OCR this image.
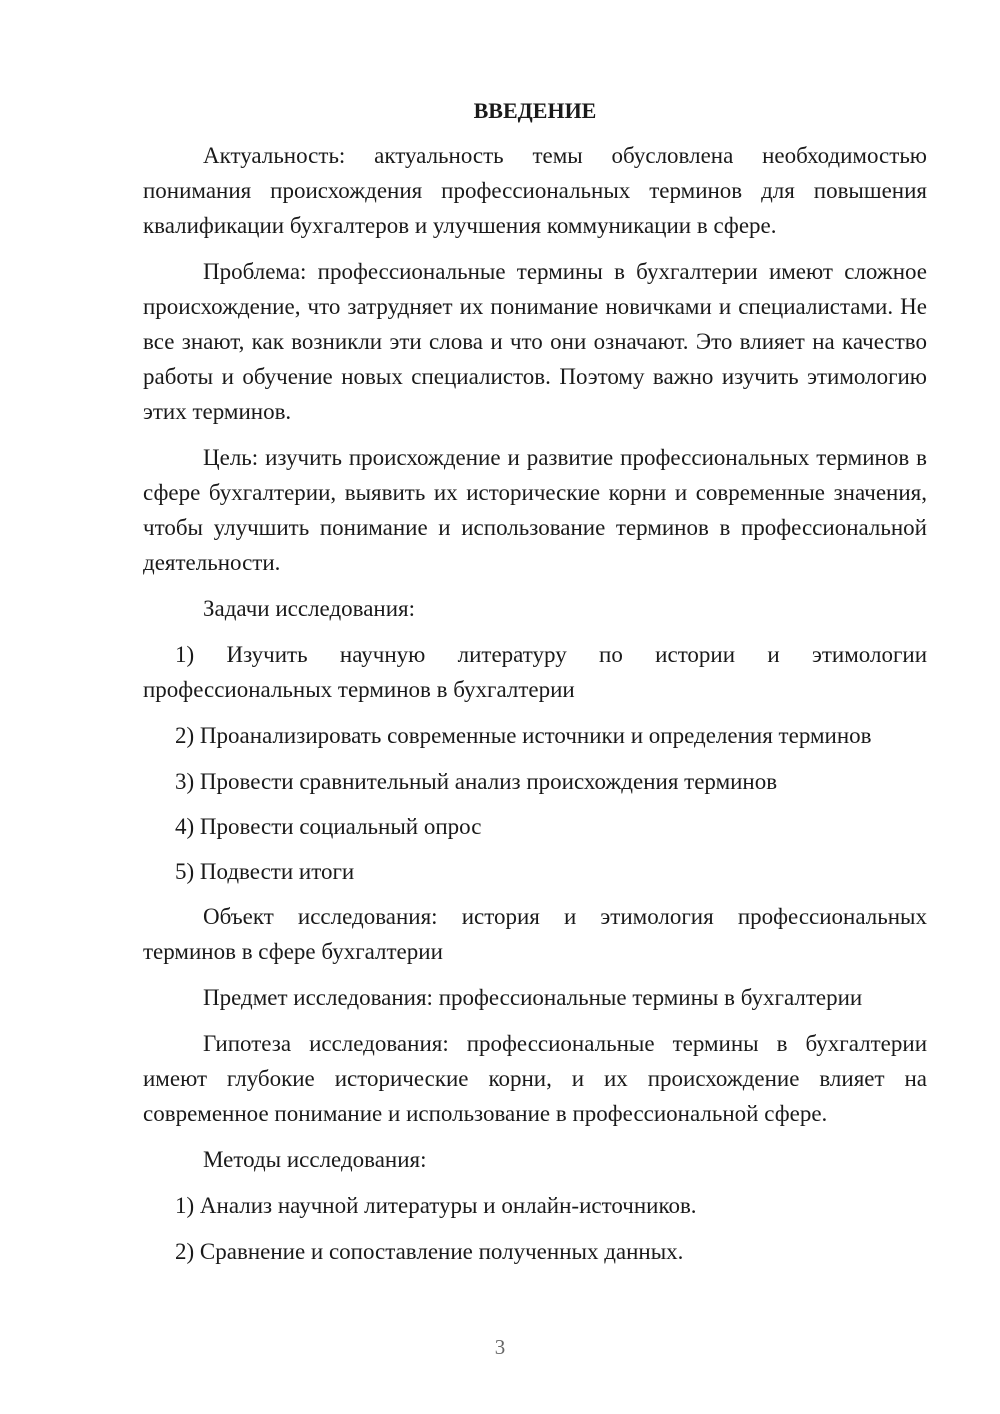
ВВЕДЕНИЕ

Актуальность: актуальность темы обусловлена необходимостью понимания происхождения профессиональных терминов для повышения квалификации бухгалтеров и улучшения коммуникации в сфере.

Проблема: профессиональные термины в бухгалтерии имеют сложное происхождение, что затрудняет их понимание новичками и специалистами. Не все знают, как возникли эти слова и что они означают. Это влияет на качество работы и обучение новых специалистов. Поэтому важно изучить этимологию этих терминов.

Цель: изучить происхождение и развитие профессиональных терминов в сфере бухгалтерии, выявить их исторические корни и современные значения, чтобы улучшить понимание и использование терминов в профессиональной деятельности.

Задачи исследования:

1) Изучить научную литературу по истории и этимологии профессиональных терминов в бухгалтерии

2) Проанализировать современные источники и определения терминов

3) Провести сравнительный анализ происхождения терминов

4) Провести социальный опрос

5) Подвести итоги

Объект исследования: история и этимология профессиональных терминов в сфере бухгалтерии

Предмет исследования: профессиональные термины в бухгалтерии

Гипотеза исследования: профессиональные термины в бухгалтерии имеют глубокие исторические корни, и их происхождение влияет на современное понимание и использование в профессиональной сфере.

Методы исследования:

1) Анализ научной литературы и онлайн-источников.

2) Сравнение и сопоставление полученных данных.

3
